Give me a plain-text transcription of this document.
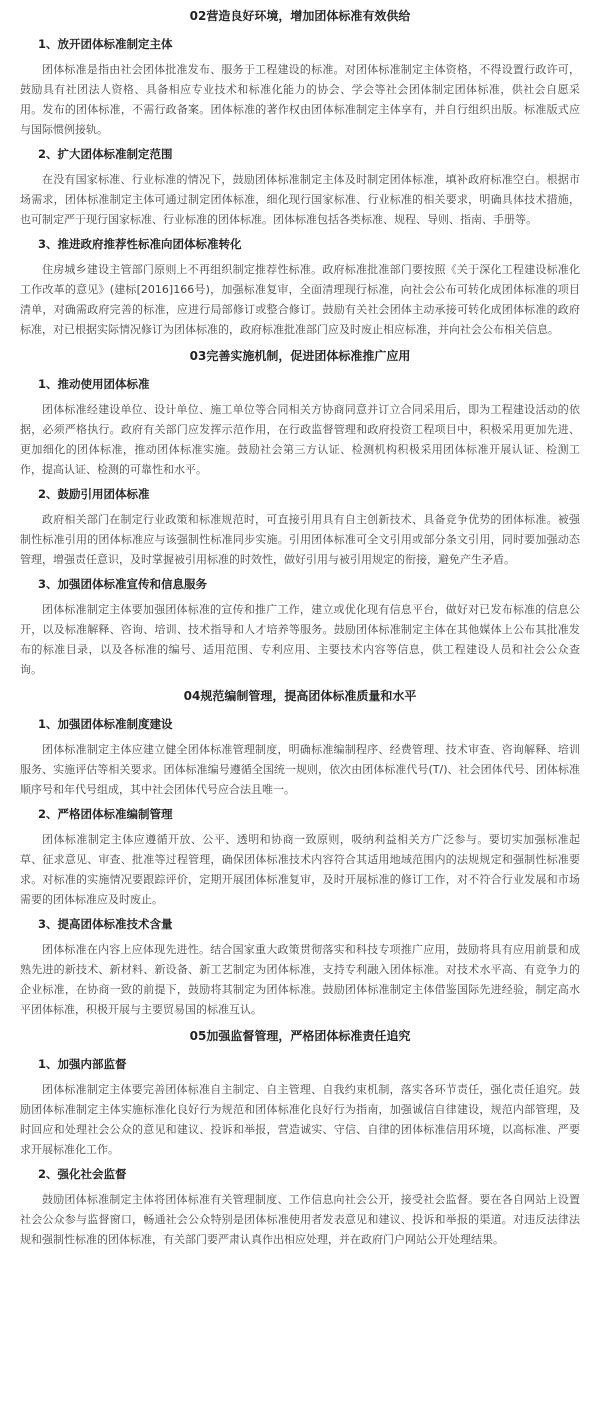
02营造良好环境，增加团体标准有效供给

1、放开团体标准制定主体

团体标准是指由社会团体批准发布、服务于工程建设的标准。对团体标准制定主体资格，不得设置行政许可，鼓励具有社团法人资格、具备相应专业技术和标准化能力的协会、学会等社会团体制定团体标准，供社会自愿采用。发布的团体标准，不需行政备案。团体标准的著作权由团体标准制定主体享有，并自行组织出版。标准版式应与国际惯例接轨。

2、扩大团体标准制定范围

在没有国家标准、行业标准的情况下，鼓励团体标准制定主体及时制定团体标准，填补政府标准空白。根据市场需求，团体标准制定主体可通过制定团体标准，细化现行国家标准、行业标准的相关要求，明确具体技术措施，也可制定严于现行国家标准、行业标准的团体标准。团体标准包括各类标准、规程、导则、指南、手册等。

3、推进政府推荐性标准向团体标准转化

住房城乡建设主管部门原则上不再组织制定推荐性标准。政府标准批准部门要按照《关于深化工程建设标准化工作改革的意见》(建标[2016]166号)，加强标准复审，全面清理现行标准，向社会公布可转化成团体标准的项目清单，对确需政府完善的标准，应进行局部修订或整合修订。鼓励有关社会团体主动承接可转化成团体标准的政府标准，对已根据实际情况修订为团体标准的，政府标准批准部门应及时废止相应标准，并向社会公布相关信息。

03完善实施机制，促进团体标准推广应用

1、推动使用团体标准

团体标准经建设单位、设计单位、施工单位等合同相关方协商同意并订立合同采用后，即为工程建设活动的依据，必须严格执行。政府有关部门应发挥示范作用，在行政监督管理和政府投资工程项目中，积极采用更加先进、更加细化的团体标准，推动团体标准实施。鼓励社会第三方认证、检测机构积极采用团体标准开展认证、检测工作，提高认证、检测的可靠性和水平。

2、鼓励引用团体标准

政府相关部门在制定行业政策和标准规范时，可直接引用具有自主创新技术、具备竞争优势的团体标准。被强制性标准引用的团体标准应与该强制性标准同步实施。引用团体标准可全文引用或部分条文引用，同时要加强动态管理，增强责任意识，及时掌握被引用标准的时效性，做好引用与被引用规定的衔接，避免产生矛盾。

3、加强团体标准宣传和信息服务

团体标准制定主体要加强团体标准的宣传和推广工作，建立或优化现有信息平台，做好对已发布标准的信息公开，以及标准解释、咨询、培训、技术指导和人才培养等服务。鼓励团体标准制定主体在其他媒体上公布其批准发布的标准目录，以及各标准的编号、适用范围、专利应用、主要技术内容等信息，供工程建设人员和社会公众查询。

04规范编制管理，提高团体标准质量和水平

1、加强团体标准制度建设

团体标准制定主体应建立健全团体标准管理制度，明确标准编制程序、经费管理、技术审查、咨询解释、培训服务、实施评估等相关要求。团体标准编号遵循全国统一规则，依次由团体标准代号(T/)、社会团体代号、团体标准顺序号和年代号组成，其中社会团体代号应合法且唯一。

2、严格团体标准编制管理

团体标准制定主体应遵循开放、公平、透明和协商一致原则，吸纳利益相关方广泛参与。要切实加强标准起草、征求意见、审查、批准等过程管理，确保团体标准技术内容符合其适用地域范围内的法规规定和强制性标准要求。对标准的实施情况要跟踪评价，定期开展团体标准复审，及时开展标准的修订工作，对不符合行业发展和市场需要的团体标准应及时废止。

3、提高团体标准技术含量

团体标准在内容上应体现先进性。结合国家重大政策贯彻落实和科技专项推广应用，鼓励将具有应用前景和成熟先进的新技术、新材料、新设备、新工艺制定为团体标准，支持专利融入团体标准。对技术水平高、有竞争力的企业标准，在协商一致的前提下，鼓励将其制定为团体标准。鼓励团体标准制定主体借鉴国际先进经验，制定高水平团体标准，积极开展与主要贸易国的标准互认。

05加强监督管理，严格团体标准责任追究

1、加强内部监督

团体标准制定主体要完善团体标准自主制定、自主管理、自我约束机制，落实各环节责任，强化责任追究。鼓励团体标准制定主体实施标准化良好行为规范和团体标准化良好行为指南，加强诚信自律建设，规范内部管理，及时回应和处理社会公众的意见和建议、投诉和举报，营造诚实、守信、自律的团体标准信用环境，以高标准、严要求开展标准化工作。

2、强化社会监督

鼓励团体标准制定主体将团体标准有关管理制度、工作信息向社会公开，接受社会监督。要在各自网站上设置社会公众参与监督窗口，畅通社会公众特别是团体标准使用者发表意见和建议、投诉和举报的渠道。对违反法律法规和强制性标准的团体标准，有关部门要严肃认真作出相应处理，并在政府门户网站公开处理结果。
